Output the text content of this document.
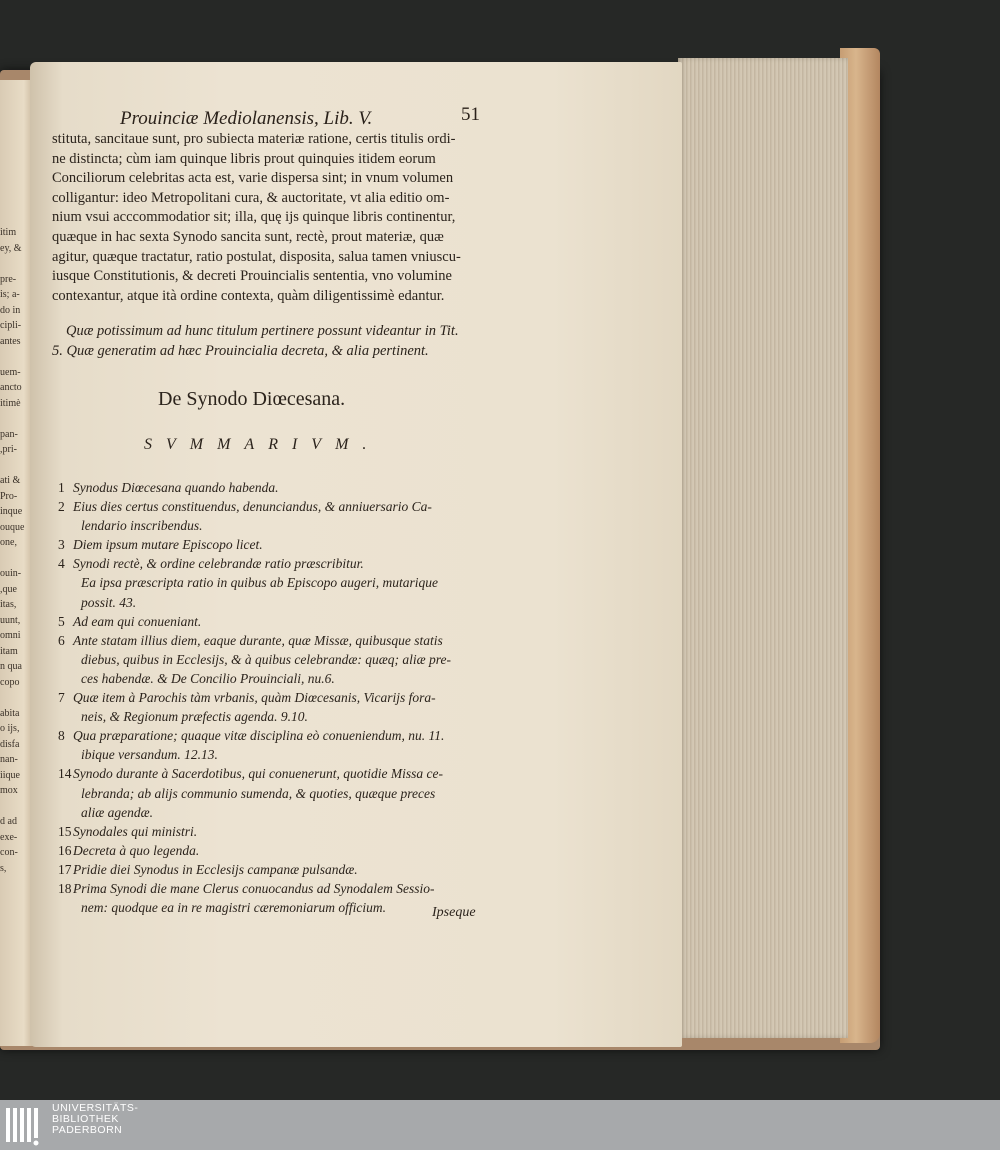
itim
ey, &
pre-
is; a-
do in
cipli-
antes
uem-
ancto
itimè
pan-
,pri-
ati &
Pro-
inque
ouque
one,
ouin-
,que
itas,
uunt,
omni
itam
n qua
copo
abita
o ijs,
disfa
nan-
iique
mox
d ad
exe-
con-
s,
Prouinciæ Mediolanensis, Lib. V.	51
stituta, sancitaue sunt, pro subiecta materiæ ratione, certis titulis ordi-
ne distincta; cùm iam quinque libris prout quinquies itidem eorum
Conciliorum celebritas acta est, varie dispersa sint; in vnum volumen
colligantur: ideo Metropolitani cura, & auctoritate, vt alia editio om-
nium vsui acccommodatior sit; illa, quę ijs quinque libris continentur,
quæque in hac sexta Synodo sancita sunt, rectè, prout materiæ, quæ
agitur, quæque tractatur, ratio postulat, disposita, salua tamen vniuscu-
iusque Constitutionis, & decreti Prouincialis sententia, vno volumine
contexantur, atque ità ordine contexta, quàm diligentissimè edantur.
Quæ potissimum ad hunc titulum pertinere possunt videantur in Tit.
5. Quæ generatim ad hæc Prouincialia decreta, & alia pertinent.
De Synodo Diœcesana.
SVMMARIVM.
1 Synodus Diœcesana quando habenda.
2 Eius dies certus constituendus, denunciandus, & anniuersario Ca-
lendario inscribendus.
3 Diem ipsum mutare Episcopo licet.
4 Synodi rectè, & ordine celebrandæ ratio præscribitur.
Ea ipsa præscripta ratio in quibus ab Episcopo augeri, mutarique
possit. 43.
5 Ad eam qui conueniant.
6 Ante statam illius diem, eaque durante, quæ Missæ, quibusque statis
diebus, quibus in Ecclesijs, & à quibus celebrandæ: quæq; aliæ pre-
ces habendæ. & De Concilio Prouinciali, nu.6.
7 Quæ item à Parochis tàm vrbanis, quàm Diœcesanis, Vicarijs fora-
neis, & Regionum præfectis agenda. 9.10.
8 Qua præparatione; quaque vitæ disciplina eò conueniendum, nu. 11.
ibique versandum. 12.13.
14 Synodo durante à Sacerdotibus, qui conuenerunt, quotidie Missa ce-
lebranda; ab alijs communio sumenda, & quoties, quæque preces
aliæ agendæ.
15 Synodales qui ministri.
16 Decreta à quo legenda.
17 Pridie diei Synodus in Ecclesijs campanæ pulsandæ.
18 Prima Synodi die mane Clerus conuocandus ad Synodalem Sessio-
nem: quodque ea in re magistri cæremoniarum officium.	Ipseque
UNIVERSITÄTS-
BIBLIOTHEK
PADERBORN
